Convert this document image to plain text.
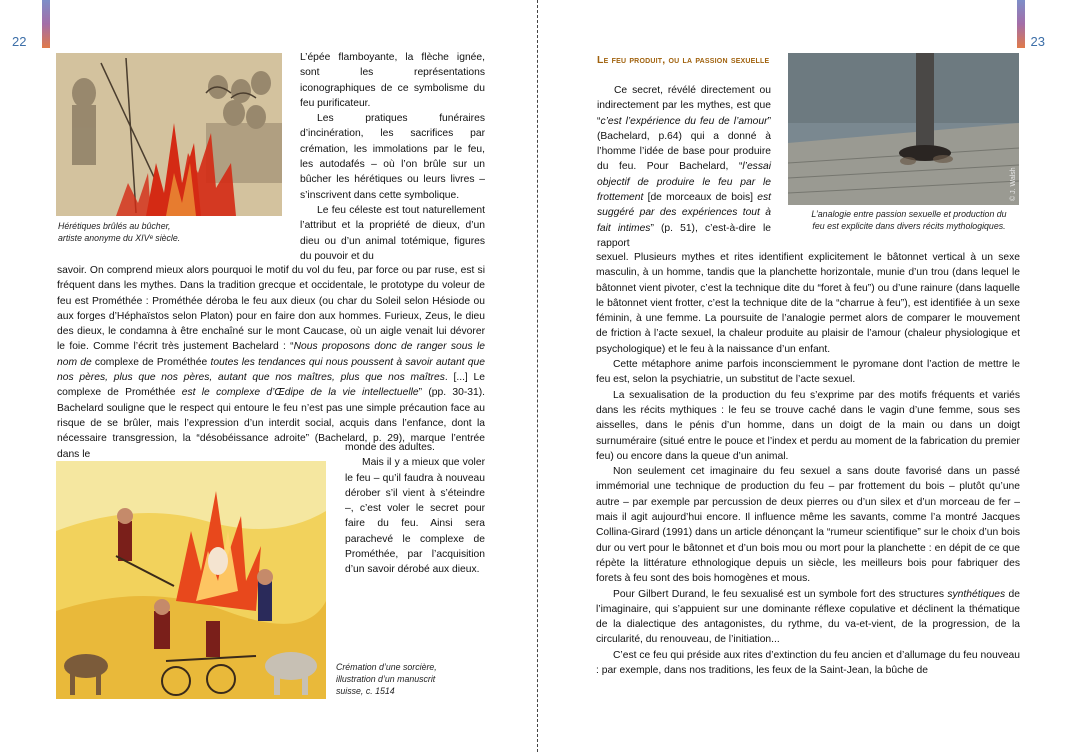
22
Hérétiques brûlés au bûcher,
artiste anonyme du XIVᵉ siècle.

L’épée flamboyante, la flèche ignée, sont les représentations iconographiques de ce symbolisme du feu purificateur.

Les pratiques funéraires d’incinération, les sacrifices par crémation, les immolations par le feu, les autodafés – où l’on brûle sur un bûcher les hérétiques ou leurs livres – s’inscrivent dans cette symbolique.

Le feu céleste est tout naturellement l’attribut et la propriété de dieux, d’un dieu ou d’un animal totémique, figures du pouvoir et du

savoir. On comprend mieux alors pourquoi le motif du vol du feu, par force ou par ruse, est si fréquent dans les mythes. Dans la tradition grecque et occidentale, le prototype du voleur de feu est Prométhée : Prométhée déroba le feu aux dieux (ou char du Soleil selon Hésiode ou aux forges d’Héphaïstos selon Platon) pour en faire don aux hommes. Furieux, Zeus, le dieu des dieux, le condamna à être enchaîné sur le mont Caucase, où un aigle venait lui dévorer le foie. Comme l’écrit très justement Bachelard : “Nous proposons donc de ranger sous le nom de complexe de Prométhée toutes les tendances qui nous poussent à savoir autant que nos pères, plus que nos pères, autant que nos maîtres, plus que nos maîtres. [...] Le complexe de Prométhée est le complexe d’Œdipe de la vie intellectuelle” (pp. 30-31). Bachelard souligne que le respect qui entoure le feu n’est pas une simple précaution face au risque de se brûler, mais l’expression d’un interdit social, acquis dans l’enfance, dont la nécessaire transgression, la “désobéissance adroite” (Bachelard, p. 29), marque l’entrée dans le

monde des adultes.

Mais il y a mieux que voler le feu – qu’il faudra à nouveau dérober s’il vient à s’éteindre –, c’est voler le secret pour faire du feu. Ainsi sera parachevé le complexe de Prométhée, par l’acquisition d’un savoir dérobé aux dieux.

Crémation d’une sorcière,
illustration d’un manuscrit
suisse, c. 1514
23
Le feu produit, ou la passion sexuelle
© J. Walsh
L’analogie entre passion sexuelle et production du
feu est explicite dans divers récits mythologiques.

Ce secret, révélé directement ou indirectement par les mythes, est que “c’est l’expérience du feu de l’amour” (Bachelard, p.64) qui a donné à l’homme l’idée de base pour produire du feu. Pour Bachelard, “l’essai objectif de produire le feu par le frottement [de morceaux de bois] est suggéré par des expériences tout à fait intimes” (p. 51), c’est-à-dire le rapport

sexuel. Plusieurs mythes et rites identifient explicitement le bâtonnet vertical à un sexe masculin, à un homme, tandis que la planchette horizontale, munie d’un trou (dans lequel le bâtonnet vient pivoter, c’est la technique dite du “foret à feu”) ou d’une rainure (dans laquelle le bâtonnet vient frotter, c’est la technique dite de la “charrue à feu”), est identifiée à un sexe féminin, à une femme. La poursuite de l’analogie permet alors de comparer le mouvement de friction à l’acte sexuel, la chaleur produite au plaisir de l’amour (chaleur physiologique et psychologique) et le feu à la naissance d’un enfant.

Cette métaphore anime parfois inconsciemment le pyromane dont l’action de mettre le feu est, selon la psychiatrie, un substitut de l’acte sexuel.

La sexualisation de la production du feu s’exprime par des motifs fréquents et variés dans les récits mythiques : le feu se trouve caché dans le vagin d’une femme, sous ses aisselles, dans le pénis d’un homme, dans un doigt de la main ou dans un doigt surnuméraire (situé entre le pouce et l’index et perdu au moment de la fabrication du premier feu) ou encore dans la queue d’un animal.

Non seulement cet imaginaire du feu sexuel a sans doute favorisé dans un passé immémorial une technique de production du feu – par frottement du bois – plutôt qu’une autre – par exemple par percussion de deux pierres ou d’un silex et d’un morceau de fer – mais il agit aujourd’hui encore. Il influence même les savants, comme l’a montré Jacques Collina-Girard (1991) dans un article dénonçant la “rumeur scientifique” sur le choix d’un bois dur ou vert pour le bâtonnet et d’un bois mou ou mort pour la planchette : en dépit de ce que répète la littérature ethnologique depuis un siècle, les meilleurs bois pour fabriquer des forets à feu sont des bois homogènes et mous.

Pour Gilbert Durand, le feu sexualisé est un symbole fort des structures synthétiques de l’imaginaire, qui s’appuient sur une dominante réflexe copulative et déclinent la thématique de la dialectique des antagonistes, du rythme, du va-et-vient, de la progression, de la circularité, du renouveau, de l’initiation...

C’est ce feu qui préside aux rites d’extinction du feu ancien et d’allumage du feu nouveau : par exemple, dans nos traditions, les feux de la Saint-Jean, la bûche de
